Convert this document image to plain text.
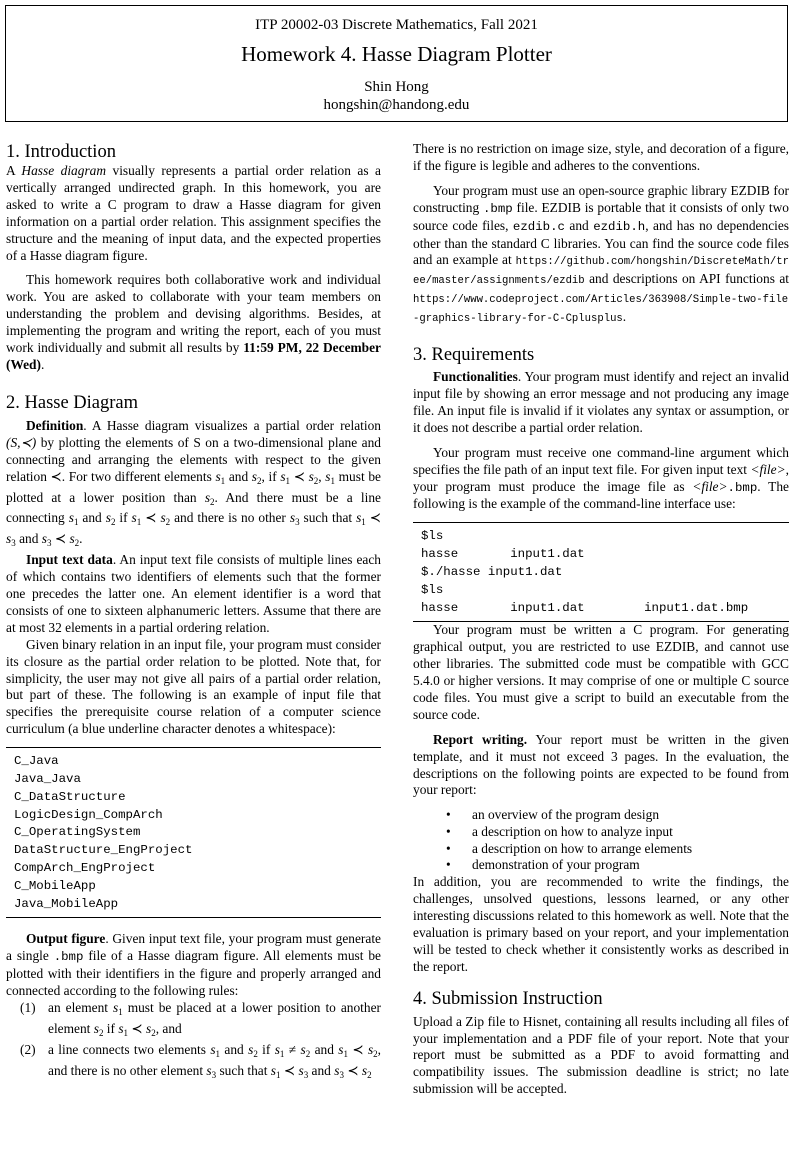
ITP 20002-03 Discrete Mathematics, Fall 2021
Homework 4. Hasse Diagram Plotter
Shin Hong
hongshin@handong.edu
1. Introduction

A Hasse diagram visually represents a partial order relation as a vertically arranged undirected graph. In this homework, you are asked to write a C program to draw a Hasse diagram for given information on a partial order relation. This assignment specifies the structure and the meaning of input data, and the expected properties of a Hasse diagram figure.

This homework requires both collaborative work and individual work. You are asked to collaborate with your team members on understanding the problem and devising algorithms. Besides, at implementing the program and writing the report, each of you must work individually and submit all results by 11:59 PM, 22 December (Wed).

2. Hasse Diagram

Definition. A Hasse diagram visualizes a partial order relation (S,≺) by plotting the elements of S on a two-dimensional plane and connecting and arranging the elements with respect to the given relation ≺. For two different elements $s_1$ and $s_2$, if $s_1$ ≺ $s_2$, $s_1$ must be plotted at a lower position than $s_2$. And there must be a line connecting $s_1$ and $s_2$ if $s_1$ ≺ $s_2$ and there is no other $s_3$ such that $s_1$ ≺ $s_3$ and $s_3$ ≺ $s_2$.

Input text data. An input text file consists of multiple lines each of which contains two identifiers of elements such that the former one precedes the latter one. An element identifier is a word that consists of one to sixteen alphanumeric letters. Assume that there are at most 32 elements in a partial ordering relation.

Given binary relation in an input file, your program must consider its closure as the partial order relation to be plotted. Note that, for simplicity, the user may not give all pairs of a partial order relation, but part of these. The following is an example of input file that specifies the prerequisite course relation of a computer science curriculum (a blue underline character denotes a whitespace):

C_Java
Java_Java
C_DataStructure
LogicDesign_CompArch
C_OperatingSystem
DataStructure_EngProject
CompArch_EngProject
C_MobileApp
Java_MobileApp

Output figure. Given input text file, your program must generate a single .bmp file of a Hasse diagram figure. All elements must be plotted with their identifiers in the figure and properly arranged and connected according to the following rules:

(1) an element $s_1$ must be placed at a lower position to another element $s_2$ if $s_1$ ≺ $s_2$, and
(2) a line connects two elements $s_1$ and $s_2$ if $s_1 \ne s_2$ and $s_1$ ≺ $s_2$, and there is no other element $s_3$ such that $s_1$ ≺ $s_3$ and $s_3$ ≺ $s_2$

There is no restriction on image size, style, and decoration of a figure, if the figure is legible and adheres to the conventions.

Your program must use an open-source graphic library EZDIB for constructing .bmp file. EZDIB is portable that it consists of only two source code files, ezdib.c and ezdib.h, and has no dependencies other than the standard C libraries. You can find the source code files and an example at https://github.com/hongshin/DiscreteMath/tree/master/assignments/ezdib and descriptions on API functions at https://www.codeproject.com/Articles/363908/Simple-two-file-graphics-library-for-C-Cplusplus.

3. Requirements

Functionalities. Your program must identify and reject an invalid input file by showing an error message and not producing any image file. An input file is invalid if it violates any syntax or assumption, or it does not describe a partial order relation.

Your program must receive one command-line argument which specifies the file path of an input text file. For given input text <file>, your program must produce the image file as <file>.bmp. The following is the example of the command-line interface use:

$ls
hasse       input1.dat
$./hasse input1.dat
$ls
hasse       input1.dat        input1.dat.bmp

Your program must be written a C program. For generating graphical output, you are restricted to use EZDIB, and cannot use other libraries. The submitted code must be compatible with GCC 5.4.0 or higher versions. It may comprise of one or multiple C source code files. You must give a script to build an executable from the source code.

Report writing. Your report must be written in the given template, and it must not exceed 3 pages. In the evaluation, the descriptions on the following points are expected to be found from your report:

• an overview of the program design
• a description on how to analyze input
• a description on how to arrange elements
• demonstration of your program

In addition, you are recommended to write the findings, the challenges, unsolved questions, lessons learned, or any other interesting discussions related to this homework as well. Note that the evaluation is primary based on your report, and your implementation will be tested to check whether it consistently works as described in the report.

4. Submission Instruction

Upload a Zip file to Hisnet, containing all results including all files of your implementation and a PDF file of your report. Note that your report must be submitted as a PDF to avoid formatting and compatibility issues. The submission deadline is strict; no late submission will be accepted.
